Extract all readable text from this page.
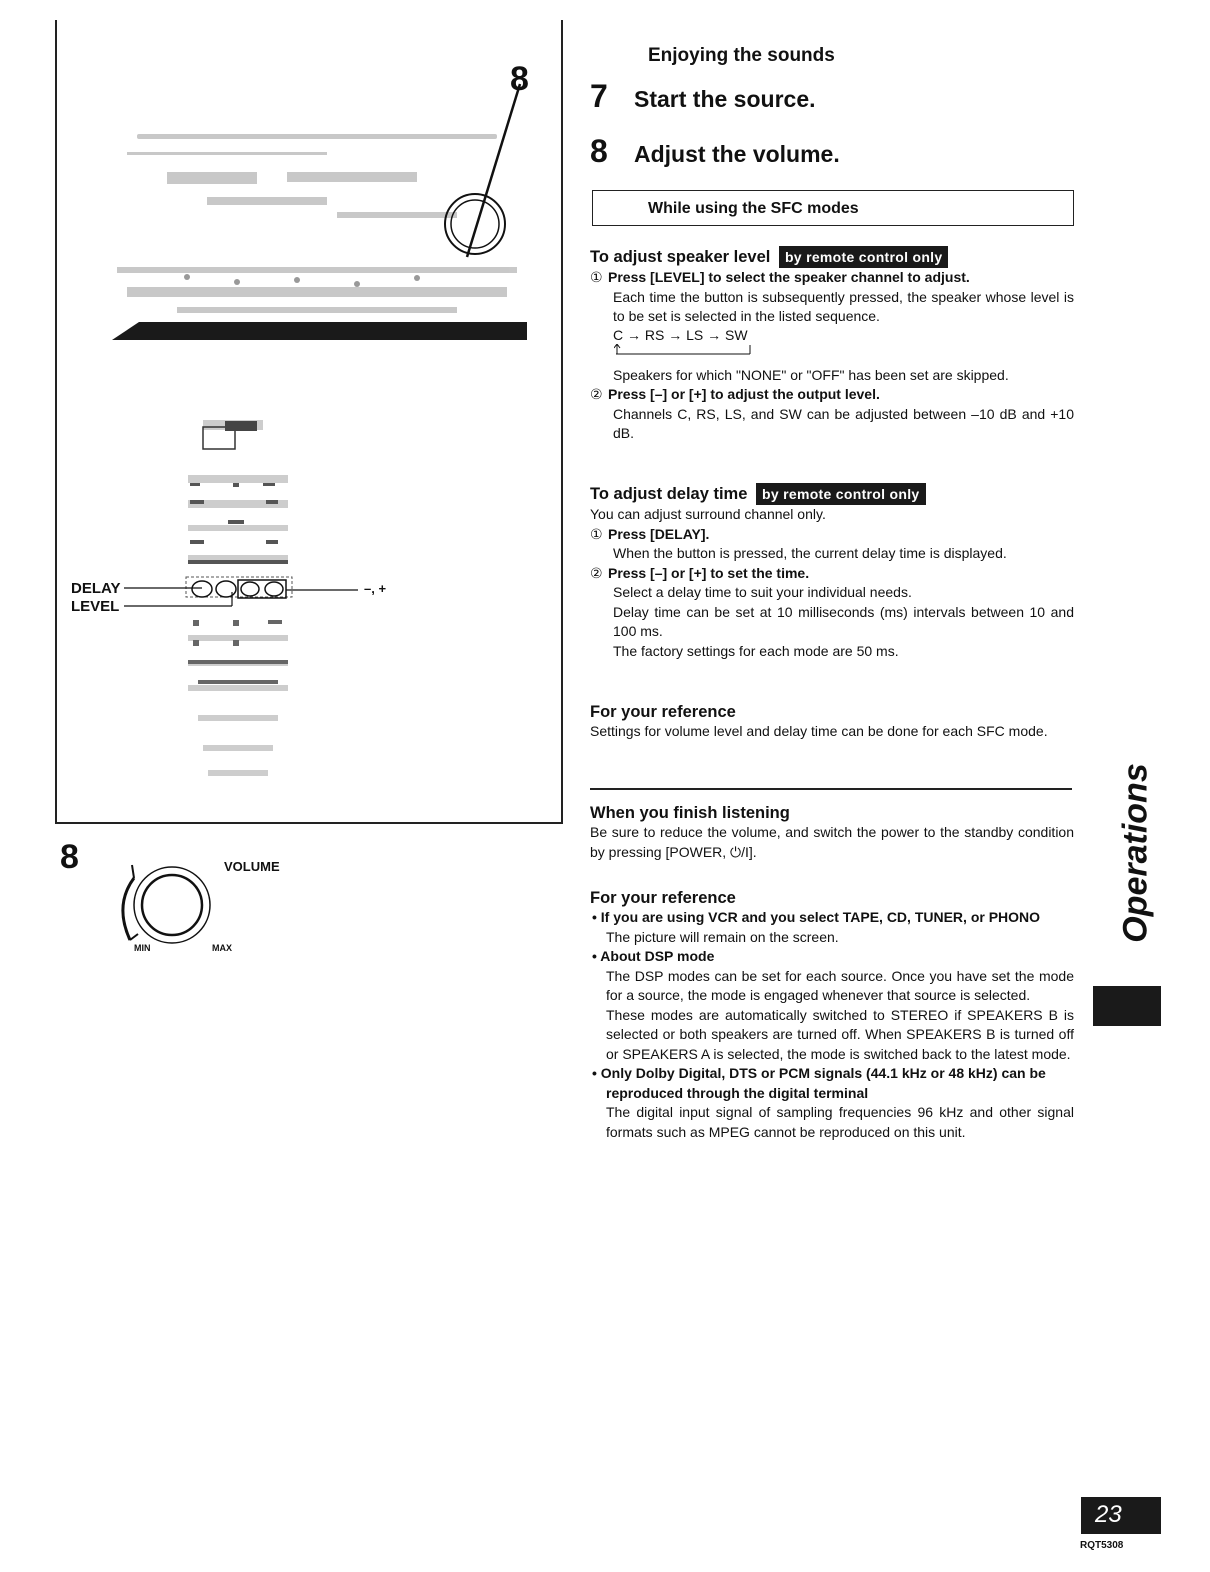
8
DELAY
LEVEL
–, +
8	VOLUME
MIN	MAX
Enjoying the sounds
7 Start the source.
8 Adjust the volume.
While using the SFC modes
To adjust speaker level by remote control only
① Press [LEVEL] to select the speaker channel to adjust.
Each time the button is subsequently pressed, the speaker whose level is to be set is selected in the listed sequence.
C → RS → LS → SW
Speakers for which "NONE" or "OFF" has been set are skipped.
② Press [–] or [+] to adjust the output level.
Channels C, RS, LS, and SW can be adjusted between –10 dB and +10 dB.
To adjust delay time by remote control only
You can adjust surround channel only.
① Press [DELAY].
When the button is pressed, the current delay time is displayed.
② Press [–] or [+] to set the time.
Select a delay time to suit your individual needs.
Delay time can be set at 10 milliseconds (ms) intervals between 10 and 100 ms.
The factory settings for each mode are 50 ms.
For your reference
Settings for volume level and delay time can be done for each SFC mode.
When you finish listening
Be sure to reduce the volume, and switch the power to the standby condition by pressing [POWER, ⏻/I].
For your reference
• If you are using VCR and you select TAPE, CD, TUNER, or PHONO
The picture will remain on the screen.
• About DSP mode
The DSP modes can be set for each source. Once you have set the mode for a source, the mode is engaged whenever that source is selected.
These modes are automatically switched to STEREO if SPEAKERS B is selected or both speakers are turned off. When SPEAKERS B is turned off or SPEAKERS A is selected, the mode is switched back to the latest mode.
• Only Dolby Digital, DTS or PCM signals (44.1 kHz or 48 kHz) can be reproduced through the digital terminal
The digital input signal of sampling frequencies 96 kHz and other signal formats such as MPEG cannot be reproduced on this unit.
Operations
23
RQT5308
